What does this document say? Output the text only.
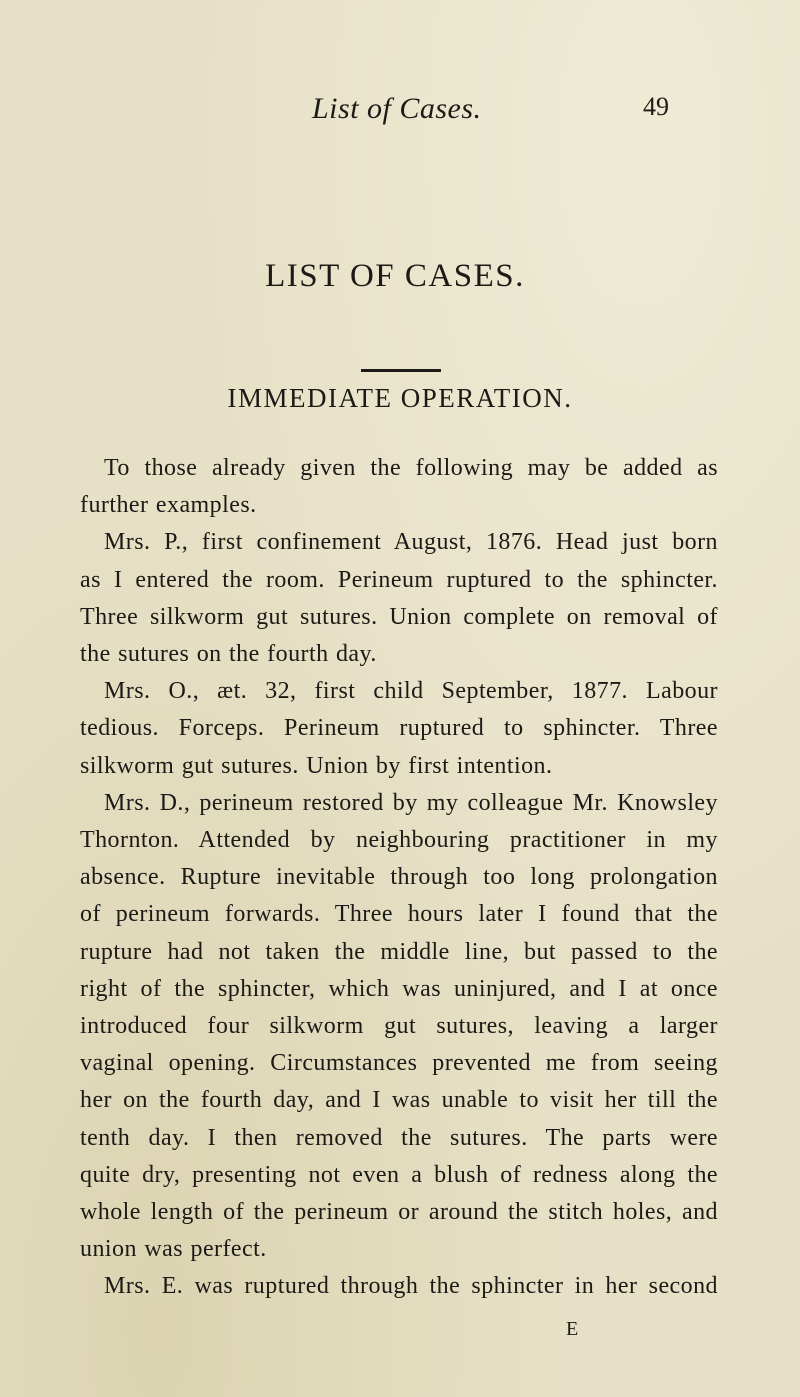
List of Cases.	49
LIST OF CASES.
IMMEDIATE OPERATION.
To those already given the following may be added as
further examples.
Mrs. P., first confinement August, 1876. Head just born
as I entered the room. Perineum ruptured to the sphincter.
Three silkworm gut sutures. Union complete on removal of
the sutures on the fourth day.
Mrs. O., æt. 32, first child September, 1877. Labour
tedious. Forceps. Perineum ruptured to sphincter. Three
silkworm gut sutures. Union by first intention.
Mrs. D., perineum restored by my colleague Mr. Knowsley
Thornton. Attended by neighbouring practitioner in my
absence. Rupture inevitable through too long prolongation
of perineum forwards. Three hours later I found that the
rupture had not taken the middle line, but passed to the
right of the sphincter, which was uninjured, and I at once
introduced four silkworm gut sutures, leaving a larger
vaginal opening. Circumstances prevented me from seeing
her on the fourth day, and I was unable to visit her till the
tenth day. I then removed the sutures. The parts were
quite dry, presenting not even a blush of redness along the
whole length of the perineum or around the stitch holes, and
union was perfect.
Mrs. E. was ruptured through the sphincter in her second
E
